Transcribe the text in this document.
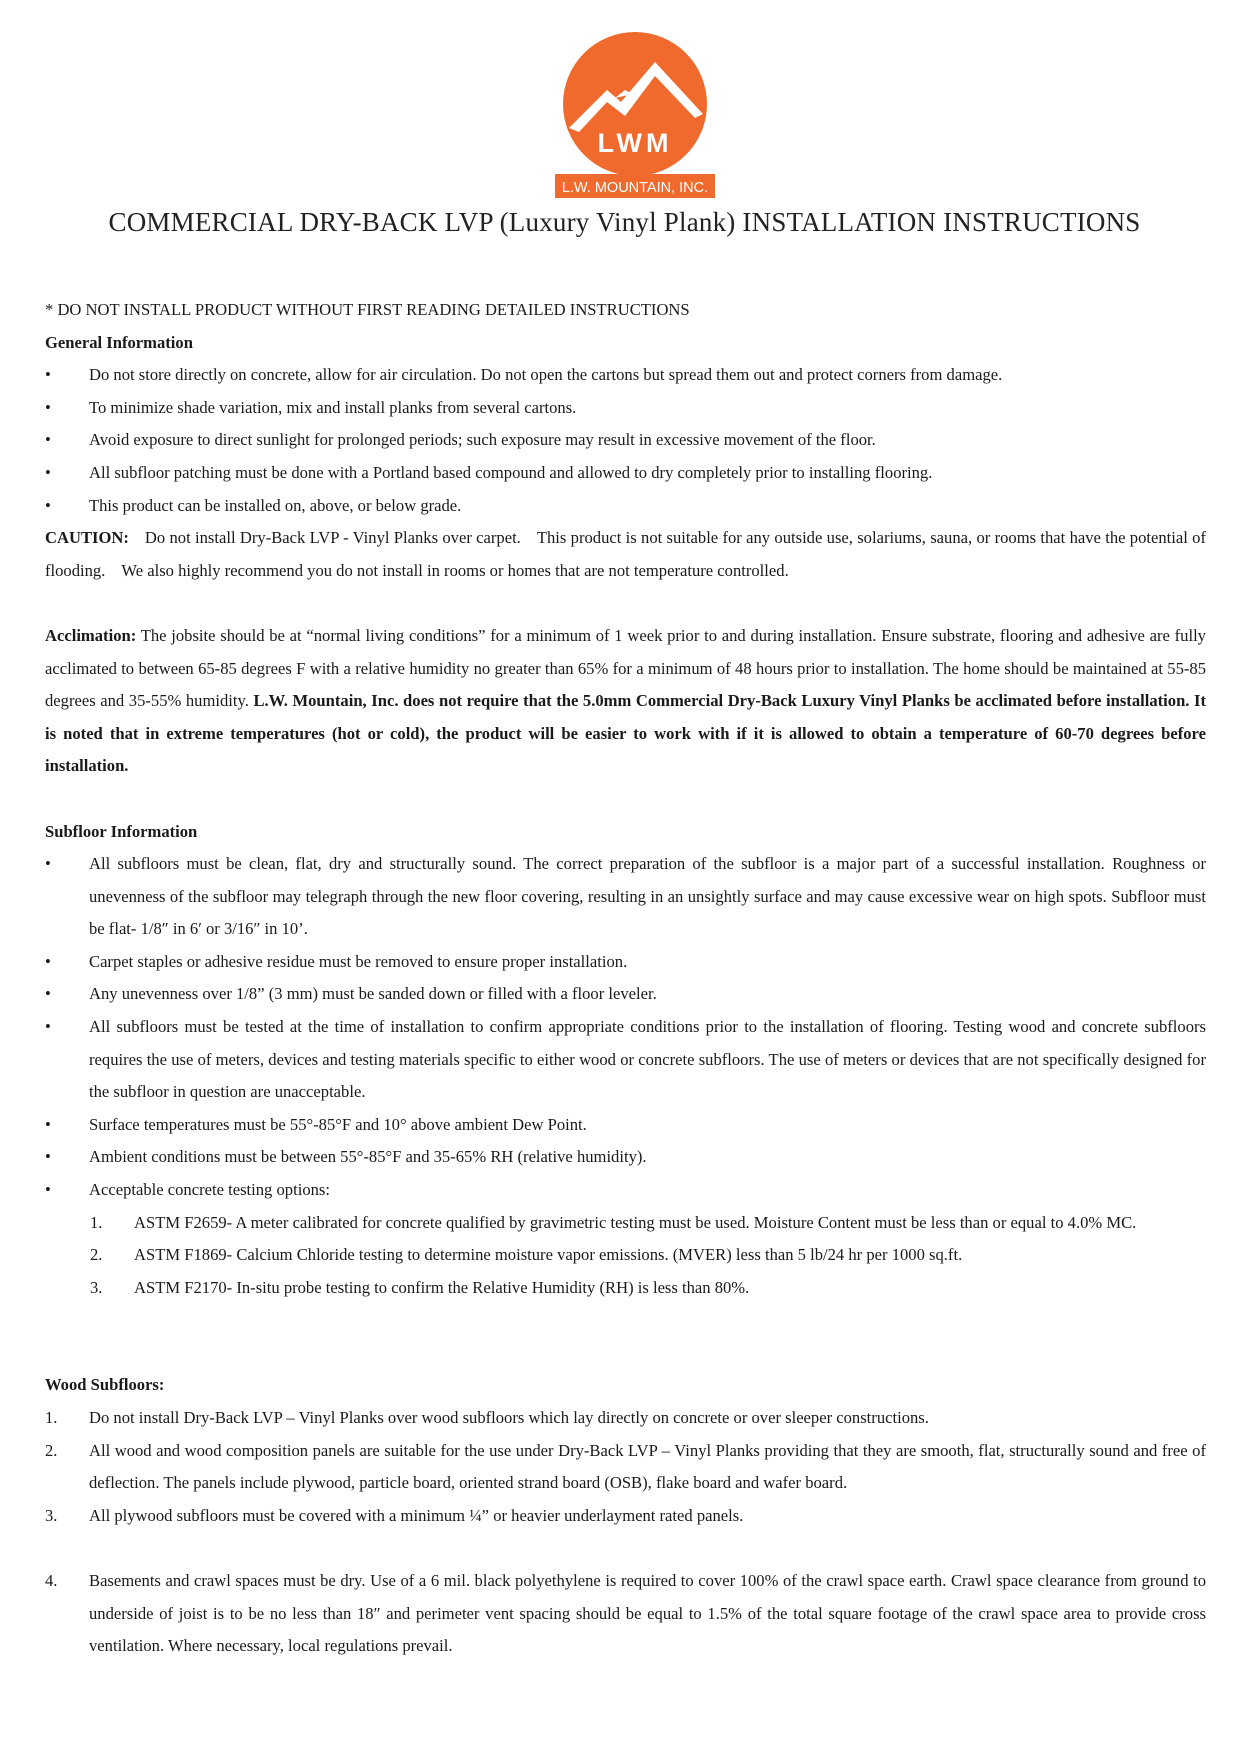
LWM
L.W. MOUNTAIN, INC.
COMMERCIAL DRY-BACK LVP (Luxury Vinyl Plank) INSTALLATION INSTRUCTIONS

* DO NOT INSTALL PRODUCT WITHOUT FIRST READING DETAILED INSTRUCTIONS

General Information

• Do not store directly on concrete, allow for air circulation. Do not open the cartons but spread them out and protect corners from damage.

• To minimize shade variation, mix and install planks from several cartons.

• Avoid exposure to direct sunlight for prolonged periods; such exposure may result in excessive movement of the floor.

• All subfloor patching must be done with a Portland based compound and allowed to dry completely prior to installing flooring.

• This product can be installed on, above, or below grade.

CAUTION: Do not install Dry-Back LVP - Vinyl Planks over carpet. This product is not suitable for any outside use, solariums, sauna, or rooms that have the potential of flooding. We also highly recommend you do not install in rooms or homes that are not temperature controlled.

Acclimation: The jobsite should be at “normal living conditions” for a minimum of 1 week prior to and during installation. Ensure substrate, flooring and adhesive are fully acclimated to between 65-85 degrees F with a relative humidity no greater than 65% for a minimum of 48 hours prior to installation. The home should be maintained at 55-85 degrees and 35-55% humidity. L.W. Mountain, Inc. does not require that the 5.0mm Commercial Dry-Back Luxury Vinyl Planks be acclimated before installation. It is noted that in extreme temperatures (hot or cold), the product will be easier to work with if it is allowed to obtain a temperature of 60-70 degrees before installation.

Subfloor Information

• All subfloors must be clean, flat, dry and structurally sound. The correct preparation of the subfloor is a major part of a successful installation. Roughness or unevenness of the subfloor may telegraph through the new floor covering, resulting in an unsightly surface and may cause excessive wear on high spots. Subfloor must be flat- 1/8″ in 6′ or 3/16″ in 10’.

• Carpet staples or adhesive residue must be removed to ensure proper installation.

• Any unevenness over 1/8” (3 mm) must be sanded down or filled with a floor leveler.

• All subfloors must be tested at the time of installation to confirm appropriate conditions prior to the installation of flooring. Testing wood and concrete subfloors requires the use of meters, devices and testing materials specific to either wood or concrete subfloors. The use of meters or devices that are not specifically designed for the subfloor in question are unacceptable.

• Surface temperatures must be 55°-85°F and 10° above ambient Dew Point.

• Ambient conditions must be between 55°-85°F and 35-65% RH (relative humidity).

• Acceptable concrete testing options:

1. ASTM F2659- A meter calibrated for concrete qualified by gravimetric testing must be used. Moisture Content must be less than or equal to 4.0% MC.

2. ASTM F1869- Calcium Chloride testing to determine moisture vapor emissions. (MVER) less than 5 lb/24 hr per 1000 sq.ft.

3. ASTM F2170- In-situ probe testing to confirm the Relative Humidity (RH) is less than 80%.

Wood Subfloors:

1. Do not install Dry-Back LVP – Vinyl Planks over wood subfloors which lay directly on concrete or over sleeper constructions.

2. All wood and wood composition panels are suitable for the use under Dry-Back LVP – Vinyl Planks providing that they are smooth, flat, structurally sound and free of deflection. The panels include plywood, particle board, oriented strand board (OSB), flake board and wafer board.

3. All plywood subfloors must be covered with a minimum ¼” or heavier underlayment rated panels.

4. Basements and crawl spaces must be dry. Use of a 6 mil. black polyethylene is required to cover 100% of the crawl space earth. Crawl space clearance from ground to underside of joist is to be no less than 18″ and perimeter vent spacing should be equal to 1.5% of the total square footage of the crawl space area to provide cross ventilation. Where necessary, local regulations prevail.
